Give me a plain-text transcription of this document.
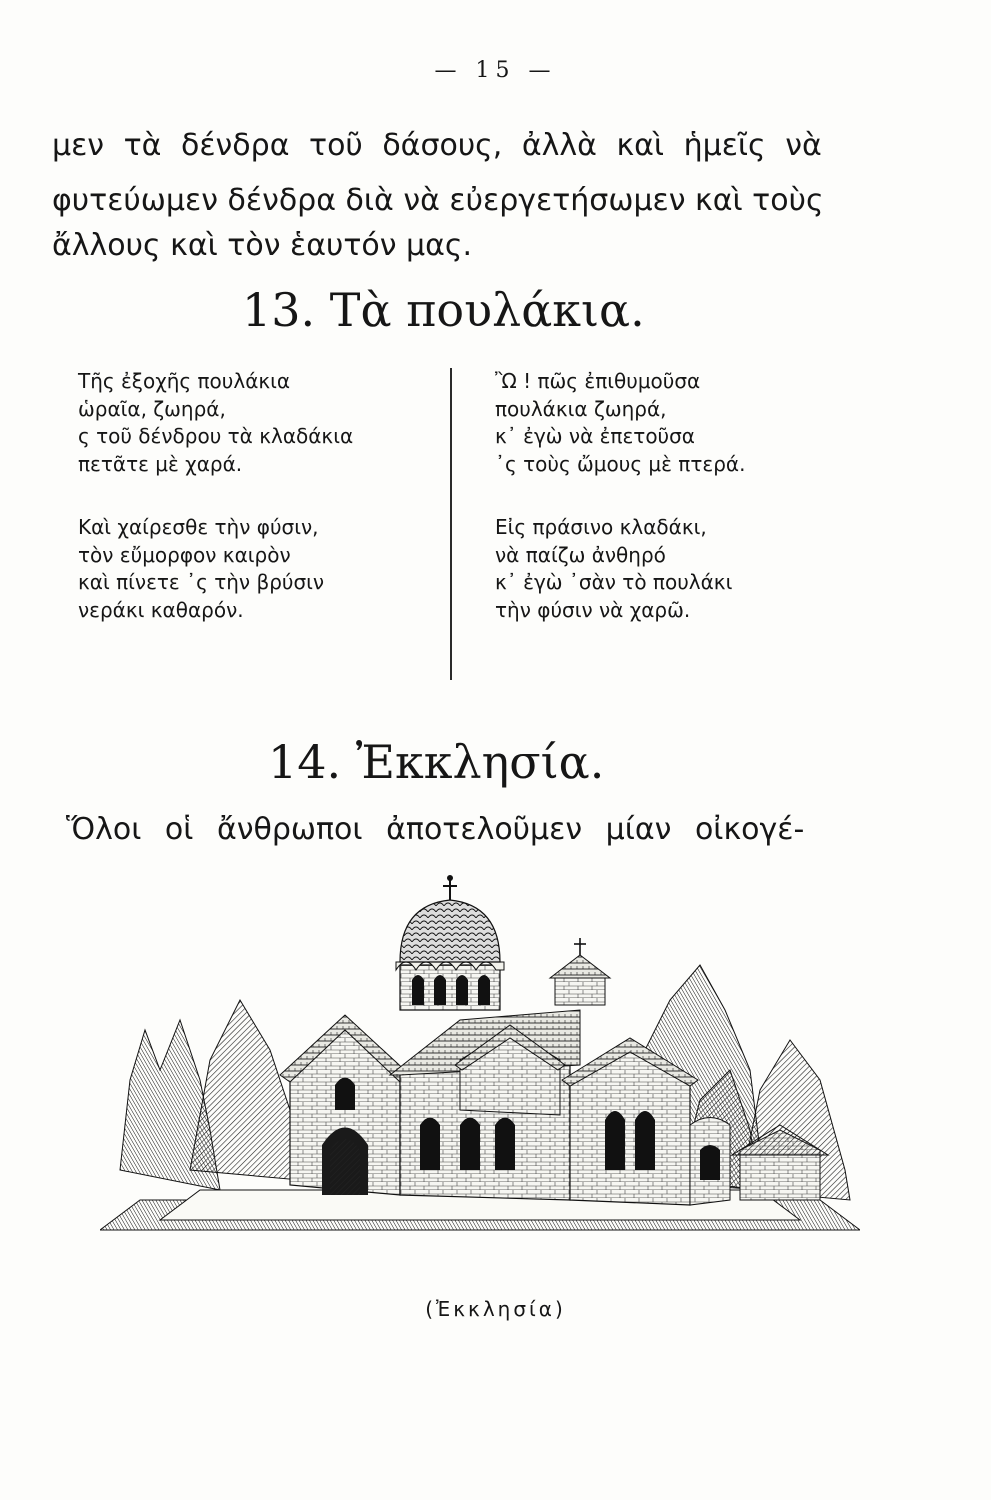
— 15 —
μεν τὰ δένδρα τοῦ δάσους, ἀλλὰ καὶ ἡμεῖς νὰ
φυτεύωμεν δένδρα διὰ νὰ εὐεργετήσωμεν καὶ τοὺς
ἄλλους καὶ τὸν ἑαυτόν μας.
13. Τὰ πουλάκια.
Τῆς ἐξοχῆς πουλάκια
ὡραῖα, ζωηρά,
ς τοῦ δένδρου τὰ κλαδάκια
πετᾶτε μὲ χαρά.
Καὶ χαίρεσθε τὴν φύσιν,
τὸν εὔμορφον καιρὸν
καὶ πίνετε ᾽ς τὴν βρύσιν
νεράκι καθαρόν.
Ὢ ! πῶς ἐπιθυμοῦσα
πουλάκια ζωηρά,
κ᾽ ἐγὼ νὰ ἐπετοῦσα
᾽ς τοὺς ὤμους μὲ πτερά.
Εἰς πράσινο κλαδάκι,
νὰ παίζω ἀνθηρό
κ᾽ ἐγὼ ᾽σὰν τὸ πουλάκι
τὴν φύσιν νὰ χαρῶ.
14. Ἐκκλησία.
Ὅλοι οἱ ἄνθρωποι ἀποτελοῦμεν μίαν οἰκογέ-
(Ἐκκλησία)
